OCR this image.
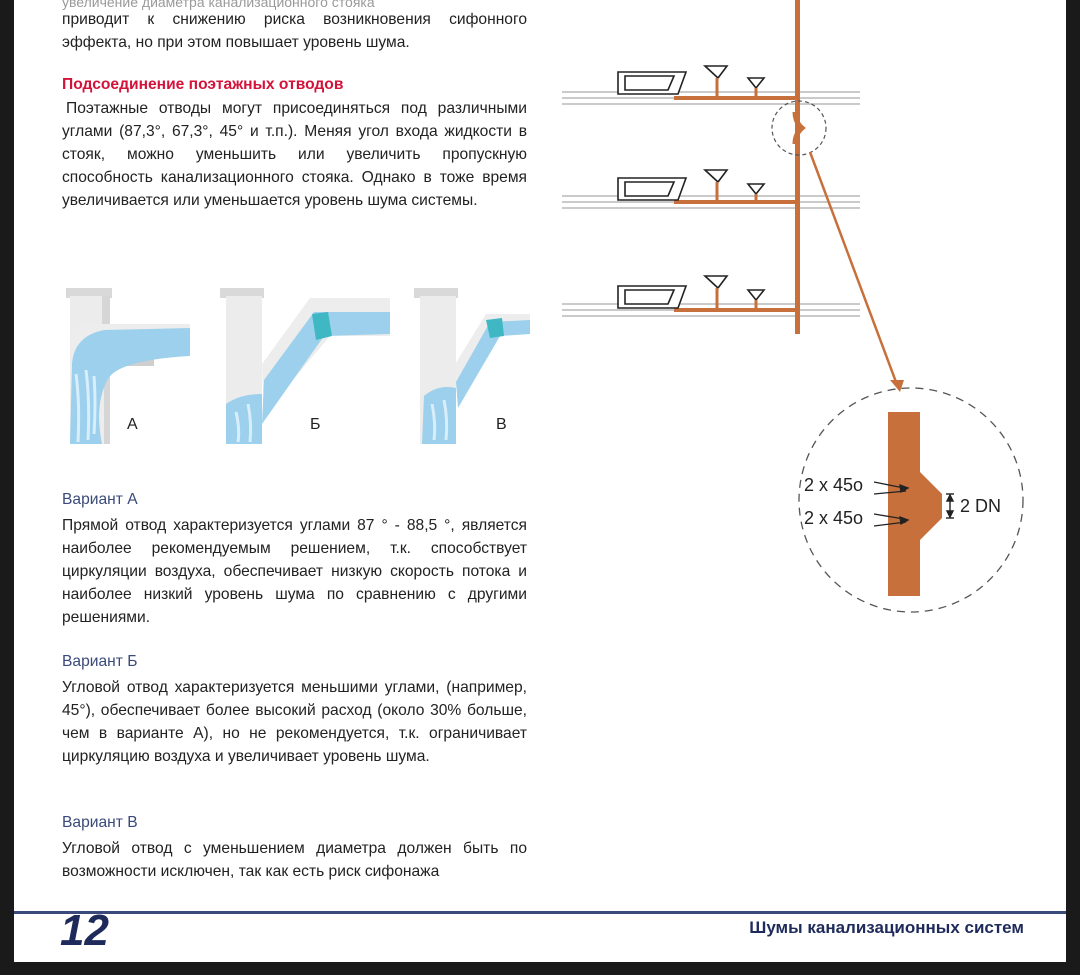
увеличение диаметра канализационного стояка

приводит к снижению риска возникновения сифонного эффекта, но при этом повышает уровень шума.

Подсоединение поэтажных отводов

Поэтажные отводы могут присоединяться под различными углами (87,3°, 67,3°, 45° и т.п.). Меняя угол входа жидкости в стояк, можно уменьшить или увеличить пропускную способность канализационного стояка. Однако в тоже время увеличивается или уменьшается уровень шума системы.

А	Б	В
Вариант А

Прямой отвод характеризуется углами 87 ° - 88,5 °, является наиболее рекомендуемым решением, т.к. способствует циркуляции воздуха, обеспечивает низкую скорость потока и наиболее низкий уровень шума по сравнению с другими решениями.

Вариант Б

Угловой отвод характеризуется меньшими углами, (например, 45°), обеспечивает более высокий расход (около 30% больше, чем в варианте А), но не рекомендуется, т.к. ограничивает циркуляцию воздуха и увеличивает уровень шума.

Вариант В

Угловой отвод с уменьшением диаметра должен быть по возможности исключен, так как есть риск сифонажа

2 х 45о
2 х 45о
2 DN
12	Шумы канализационных систем
